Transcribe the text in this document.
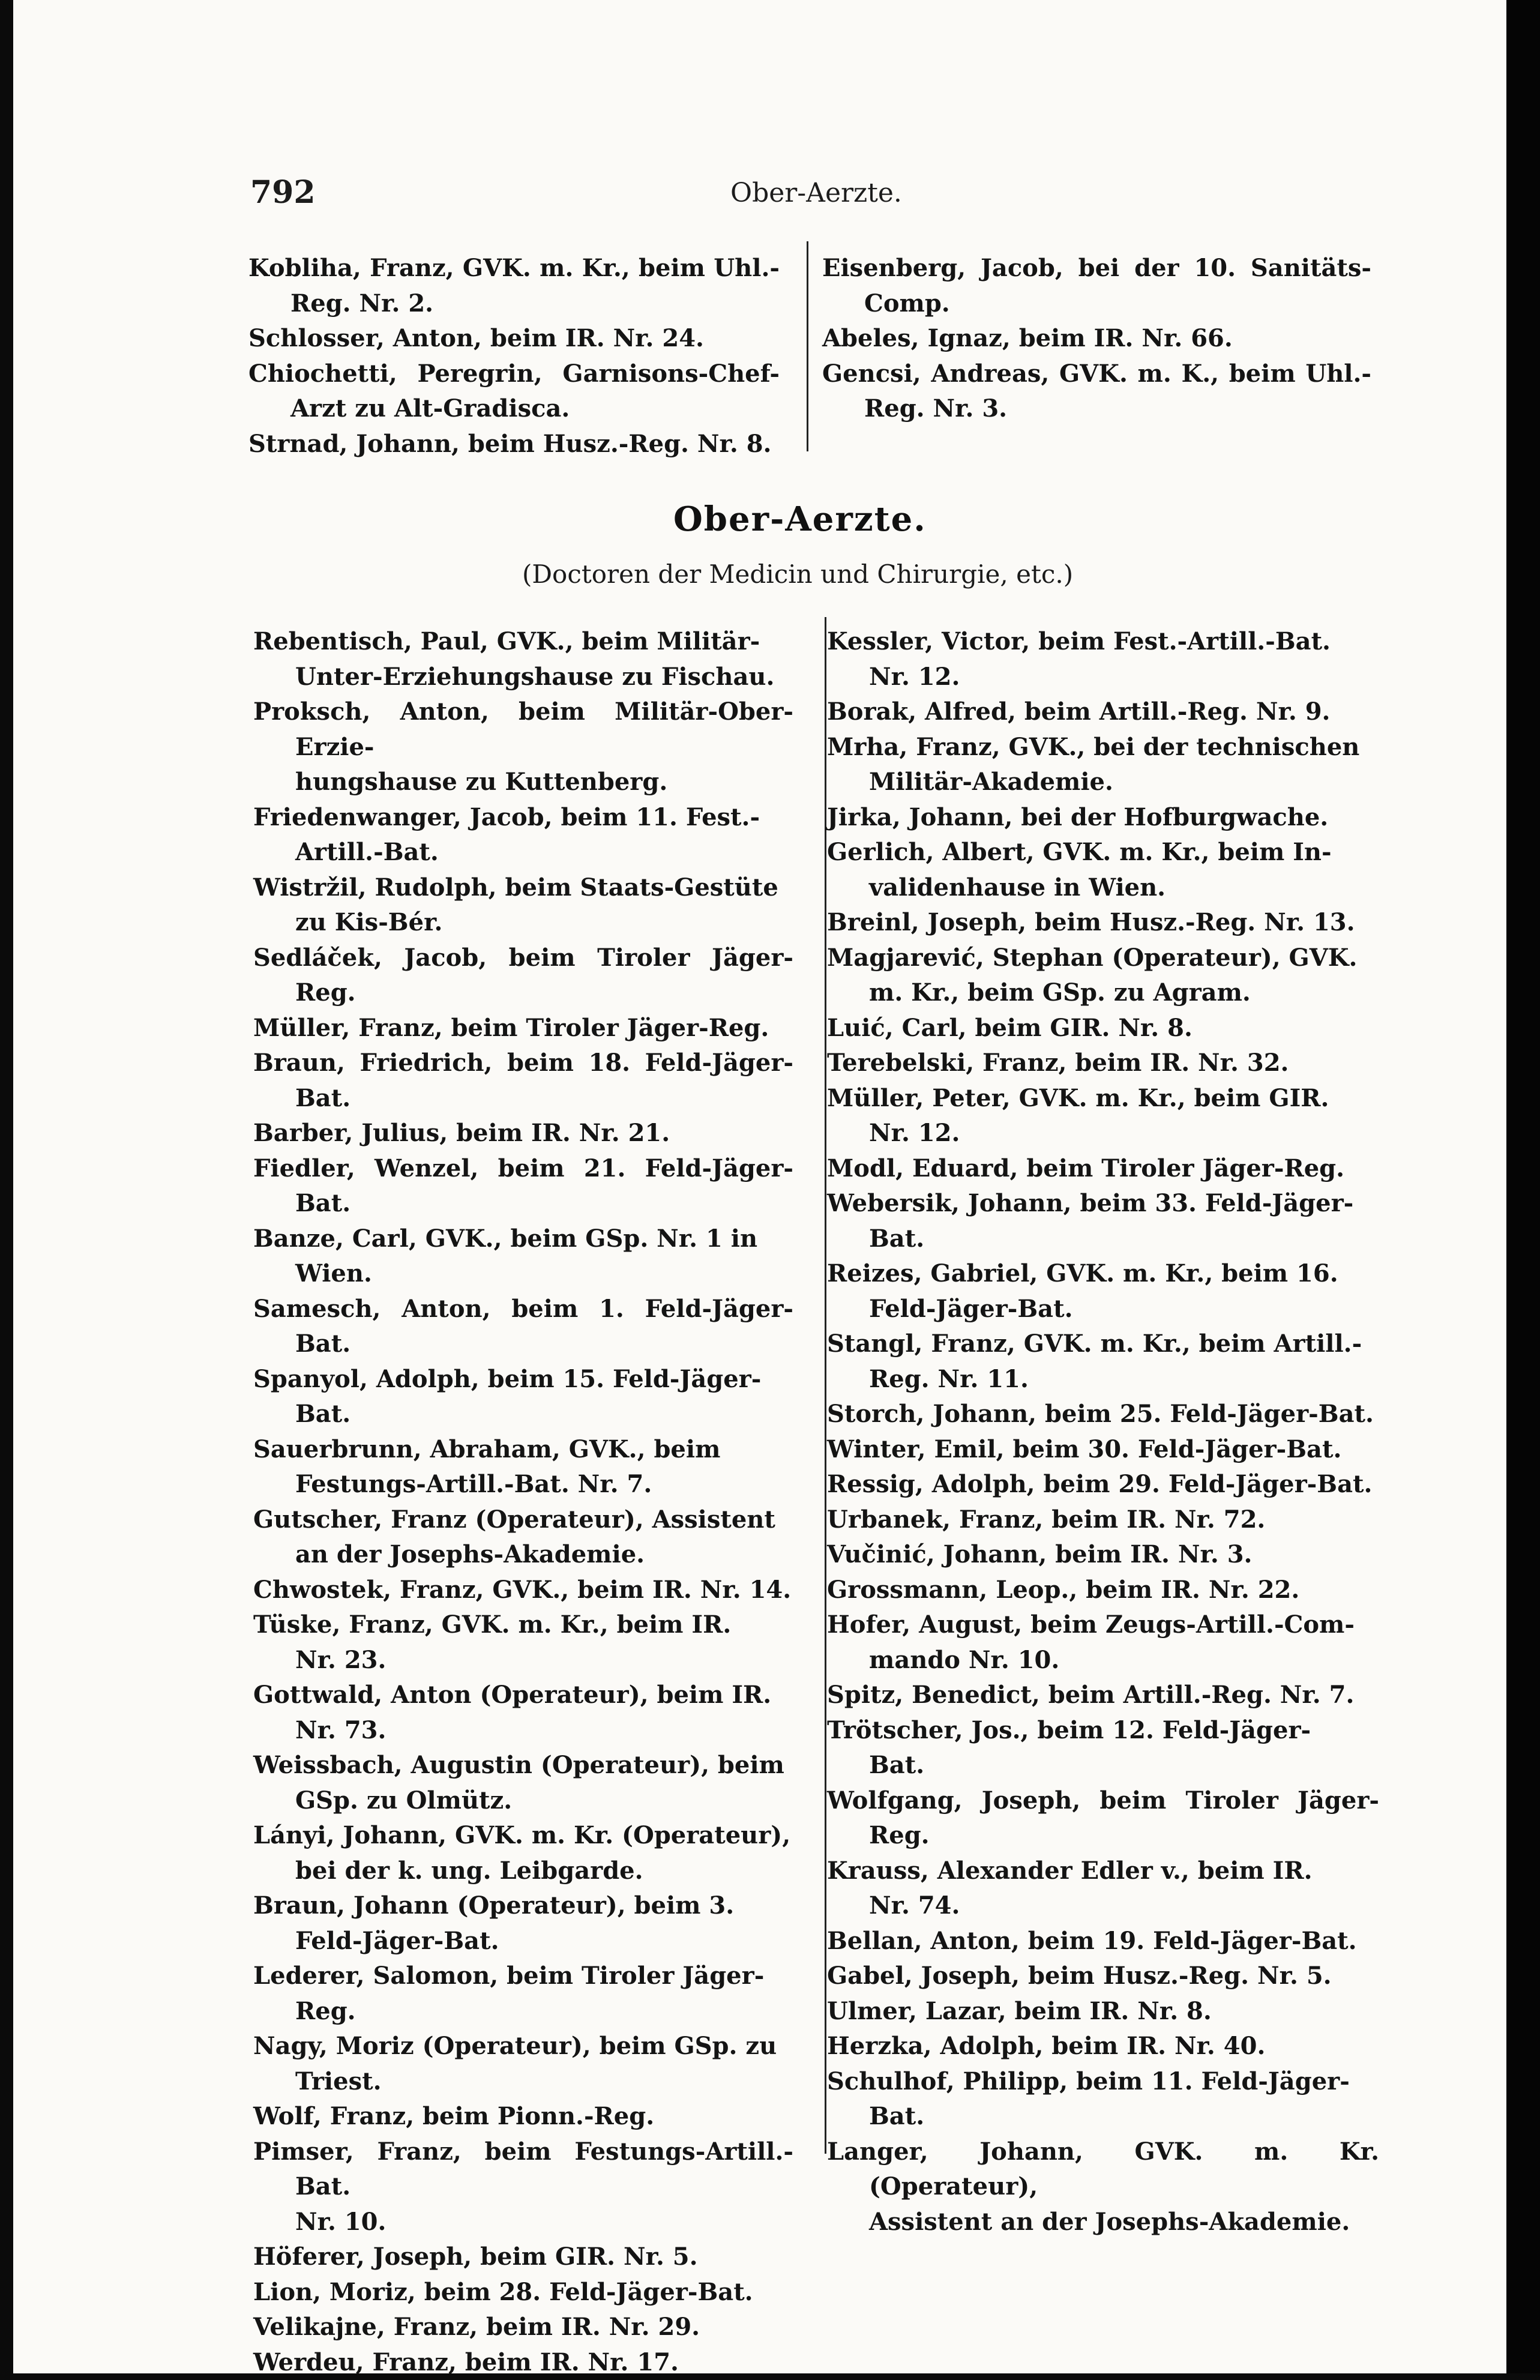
792	Ober-Aerzte.
Kobliha, Franz, GVK. m. Kr., beim Uhl.-Reg. Nr. 2.
Schlosser, Anton, beim IR. Nr. 24.
Chiochetti, Peregrin, Garnisons-Chef-Arzt zu Alt-Gradisca.
Strnad, Johann, beim Husz.-Reg. Nr. 8.
Eisenberg, Jacob, bei der 10. Sanitäts-Comp.
Abeles, Ignaz, beim IR. Nr. 66.
Gencsi, Andreas, GVK. m. K., beim Uhl.-Reg. Nr. 3.
Ober-Aerzte.
(Doctoren der Medicin und Chirurgie, etc.)
Rebentisch, Paul, GVK., beim Militär-
Unter-Erziehungshause zu Fischau.
Proksch, Anton, beim Militär-Ober-Erzie-
hungshause zu Kuttenberg.
Friedenwanger, Jacob, beim 11. Fest.-
Artill.-Bat.
Wistržil, Rudolph, beim Staats-Gestüte
zu Kis-Bér.
Sedláček, Jacob, beim Tiroler Jäger-Reg.
Müller, Franz, beim Tiroler Jäger-Reg.
Braun, Friedrich, beim 18. Feld-Jäger-Bat.
Barber, Julius, beim IR. Nr. 21.
Fiedler, Wenzel, beim 21. Feld-Jäger-Bat.
Banze, Carl, GVK., beim GSp. Nr. 1 in
Wien.
Samesch, Anton, beim 1. Feld-Jäger-Bat.
Spanyol, Adolph, beim 15. Feld-Jäger-
Bat.
Sauerbrunn, Abraham, GVK., beim
Festungs-Artill.-Bat. Nr. 7.
Gutscher, Franz (Operateur), Assistent
an der Josephs-Akademie.
Chwostek, Franz, GVK., beim IR. Nr. 14.
Tüske, Franz, GVK. m. Kr., beim IR.
Nr. 23.
Gottwald, Anton (Operateur), beim IR.
Nr. 73.
Weissbach, Augustin (Operateur), beim
GSp. zu Olmütz.
Lányi, Johann, GVK. m. Kr. (Operateur),
bei der k. ung. Leibgarde.
Braun, Johann (Operateur), beim 3.
Feld-Jäger-Bat.
Lederer, Salomon, beim Tiroler Jäger-
Reg.
Nagy, Moriz (Operateur), beim GSp. zu
Triest.
Wolf, Franz, beim Pionn.-Reg.
Pimser, Franz, beim Festungs-Artill.-Bat.
Nr. 10.
Höferer, Joseph, beim GIR. Nr. 5.
Lion, Moriz, beim 28. Feld-Jäger-Bat.
Velikajne, Franz, beim IR. Nr. 29.
Werdeu, Franz, beim IR. Nr. 17.
Kessler, Victor, beim Fest.-Artill.-Bat.
Nr. 12.
Borak, Alfred, beim Artill.-Reg. Nr. 9.
Mrha, Franz, GVK., bei der technischen
Militär-Akademie.
Jirka, Johann, bei der Hofburgwache.
Gerlich, Albert, GVK. m. Kr., beim In-
validenhause in Wien.
Breinl, Joseph, beim Husz.-Reg. Nr. 13.
Magjarević, Stephan (Operateur), GVK.
m. Kr., beim GSp. zu Agram.
Luić, Carl, beim GIR. Nr. 8.
Terebelski, Franz, beim IR. Nr. 32.
Müller, Peter, GVK. m. Kr., beim GIR.
Nr. 12.
Modl, Eduard, beim Tiroler Jäger-Reg.
Webersik, Johann, beim 33. Feld-Jäger-
Bat.
Reizes, Gabriel, GVK. m. Kr., beim 16.
Feld-Jäger-Bat.
Stangl, Franz, GVK. m. Kr., beim Artill.-
Reg. Nr. 11.
Storch, Johann, beim 25. Feld-Jäger-Bat.
Winter, Emil, beim 30. Feld-Jäger-Bat.
Ressig, Adolph, beim 29. Feld-Jäger-Bat.
Urbanek, Franz, beim IR. Nr. 72.
Vučinić, Johann, beim IR. Nr. 3.
Grossmann, Leop., beim IR. Nr. 22.
Hofer, August, beim Zeugs-Artill.-Com-
mando Nr. 10.
Spitz, Benedict, beim Artill.-Reg. Nr. 7.
Trötscher, Jos., beim 12. Feld-Jäger-
Bat.
Wolfgang, Joseph, beim Tiroler Jäger-Reg.
Krauss, Alexander Edler v., beim IR.
Nr. 74.
Bellan, Anton, beim 19. Feld-Jäger-Bat.
Gabel, Joseph, beim Husz.-Reg. Nr. 5.
Ulmer, Lazar, beim IR. Nr. 8.
Herzka, Adolph, beim IR. Nr. 40.
Schulhof, Philipp, beim 11. Feld-Jäger-
Bat.
Langer, Johann, GVK. m. Kr. (Operateur),
Assistent an der Josephs-Akademie.
